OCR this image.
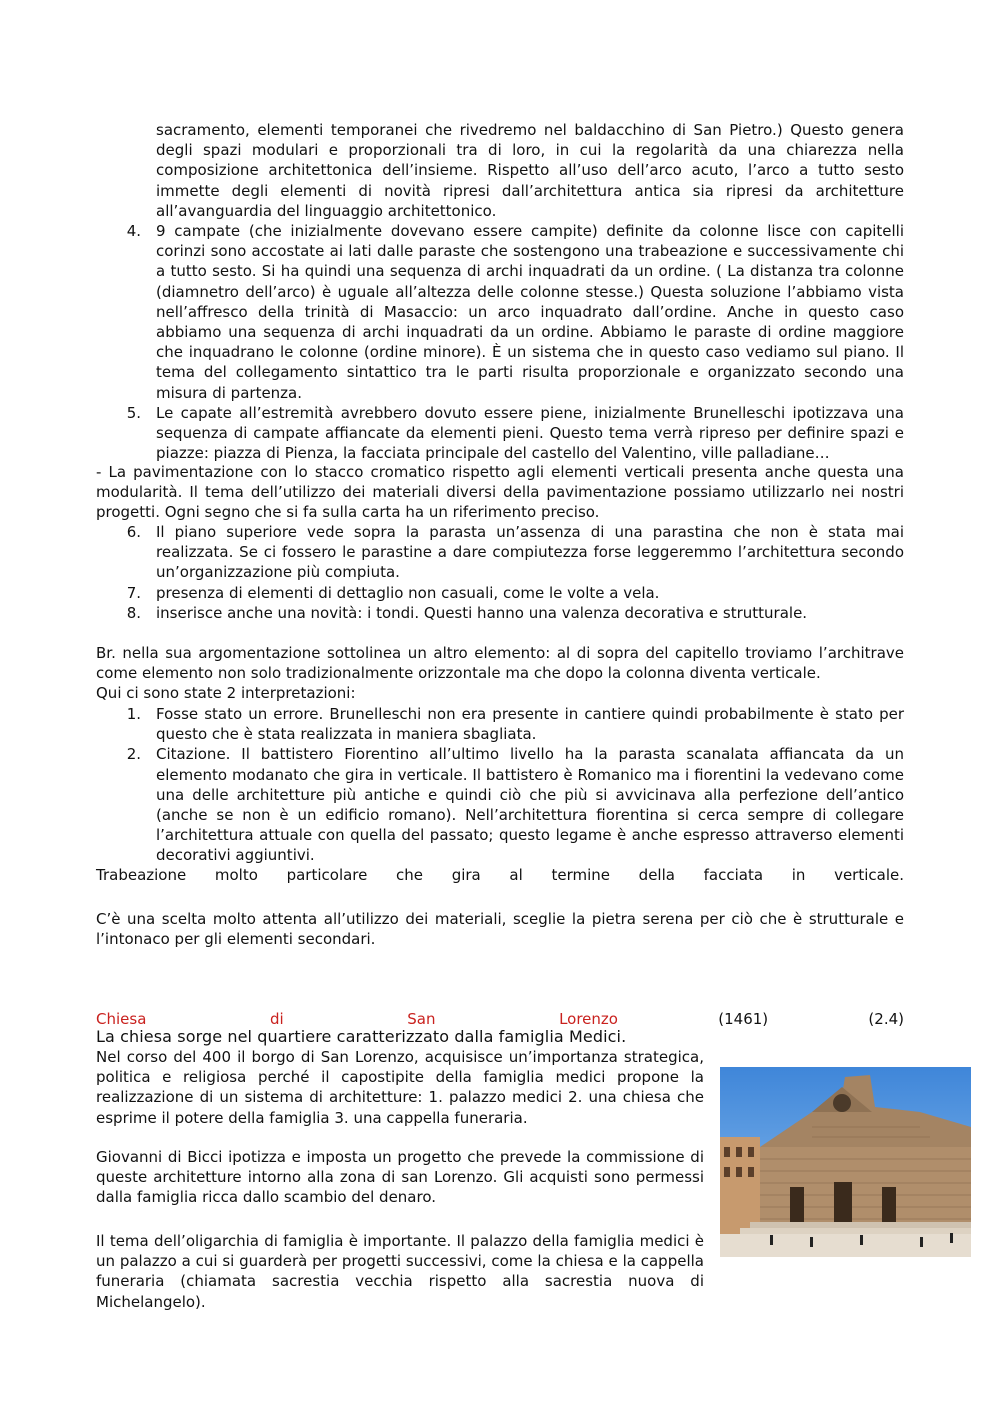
sacramento, elementi temporanei che rivedremo nel baldacchino di San Pietro.) Questo genera degli spazi modulari e proporzionali tra di loro, in cui la regolarità da una chiarezza nella composizione architettonica dell’insieme. Rispetto all’uso dell’arco acuto, l’arco a tutto sesto immette degli elementi di novità ripresi dall’architettura antica sia ripresi da architetture all’avanguardia del linguaggio architettonico.

4. 9 campate (che inizialmente dovevano essere campite) definite da colonne lisce con capitelli corinzi sono accostate ai lati dalle paraste che sostengono una trabeazione e successivamente chi a tutto sesto. Si ha quindi una sequenza di archi inquadrati da un ordine. ( La distanza tra colonne (diamnetro dell’arco) è uguale all’altezza delle colonne stesse.) Questa soluzione l’abbiamo vista nell’affresco della trinità di Masaccio: un arco inquadrato dall’ordine. Anche in questo caso abbiamo una sequenza di archi inquadrati da un ordine. Abbiamo le paraste di ordine maggiore che inquadrano le colonne (ordine minore). È un sistema che in questo caso vediamo sul piano. Il tema del collegamento sintattico tra le parti risulta proporzionale e organizzato secondo una misura di partenza.

5. Le capate all’estremità avrebbero dovuto essere piene, inizialmente Brunelleschi ipotizzava una sequenza di campate affiancate da elementi pieni. Questo tema verrà ripreso per definire spazi e piazze: piazza di Pienza, la facciata principale del castello del Valentino, ville palladiane…

- La pavimentazione con lo stacco cromatico rispetto agli elementi verticali presenta anche questa una modularità. Il tema dell’utilizzo dei materiali diversi della pavimentazione possiamo utilizzarlo nei nostri progetti. Ogni segno che si fa sulla carta ha un riferimento preciso.

6. Il piano superiore vede sopra la parasta un’assenza di una parastina che non è stata mai realizzata. Se ci fossero le parastine a dare compiutezza forse leggeremmo l’architettura secondo un’organizzazione più compiuta.

7. presenza di elementi di dettaglio non casuali, come le volte a vela.

8. inserisce anche una novità: i tondi. Questi hanno una valenza decorativa e strutturale.

Br. nella sua argomentazione sottolinea un altro elemento: al di sopra del capitello troviamo l’architrave come elemento non solo tradizionalmente orizzontale ma che dopo la colonna diventa verticale.

Qui ci sono state 2 interpretazioni:

1. Fosse stato un errore. Brunelleschi non era presente in cantiere quindi probabilmente è stato per questo che è stata realizzata in maniera sbagliata.

2. Citazione. Il battistero Fiorentino all’ultimo livello ha la parasta scanalata affiancata da un elemento modanato che gira in verticale. Il battistero è Romanico ma i fiorentini la vedevano come una delle architetture più antiche e quindi ciò che più si avvicinava alla perfezione dell’antico (anche se non è un edificio romano). Nell’architettura fiorentina si cerca sempre di collegare l’architettura attuale con quella del passato; questo legame è anche espresso attraverso elementi decorativi aggiuntivi.

Trabeazione molto particolare che gira al termine della facciata in verticale.

C’è una scelta molto attenta all’utilizzo dei materiali, sceglie la pietra serena per ciò che è strutturale e l’intonaco per gli elementi secondari.

Chiesa	di	San	Lorenzo	(1461)	(2.4)
La chiesa sorge nel quartiere caratterizzato dalla famiglia Medici.

Nel corso del 400 il borgo di San Lorenzo, acquisisce un’importanza strategica, politica e religiosa perché il capostipite della famiglia medici propone la realizzazione di un sistema di architetture: 1. palazzo medici 2. una chiesa che esprime il potere della famiglia 3. una cappella funeraria.

Giovanni di Bicci ipotizza e imposta un progetto che prevede la commissione di queste architetture intorno alla zona di san Lorenzo. Gli acquisti sono permessi dalla famiglia ricca dallo scambio del denaro.

Il tema dell’oligarchia di famiglia è importante. Il palazzo della famiglia medici è un palazzo a cui si guarderà per progetti successivi, come la chiesa e la cappella funeraria (chiamata sacrestia vecchia rispetto alla sacrestia nuova di Michelangelo).
